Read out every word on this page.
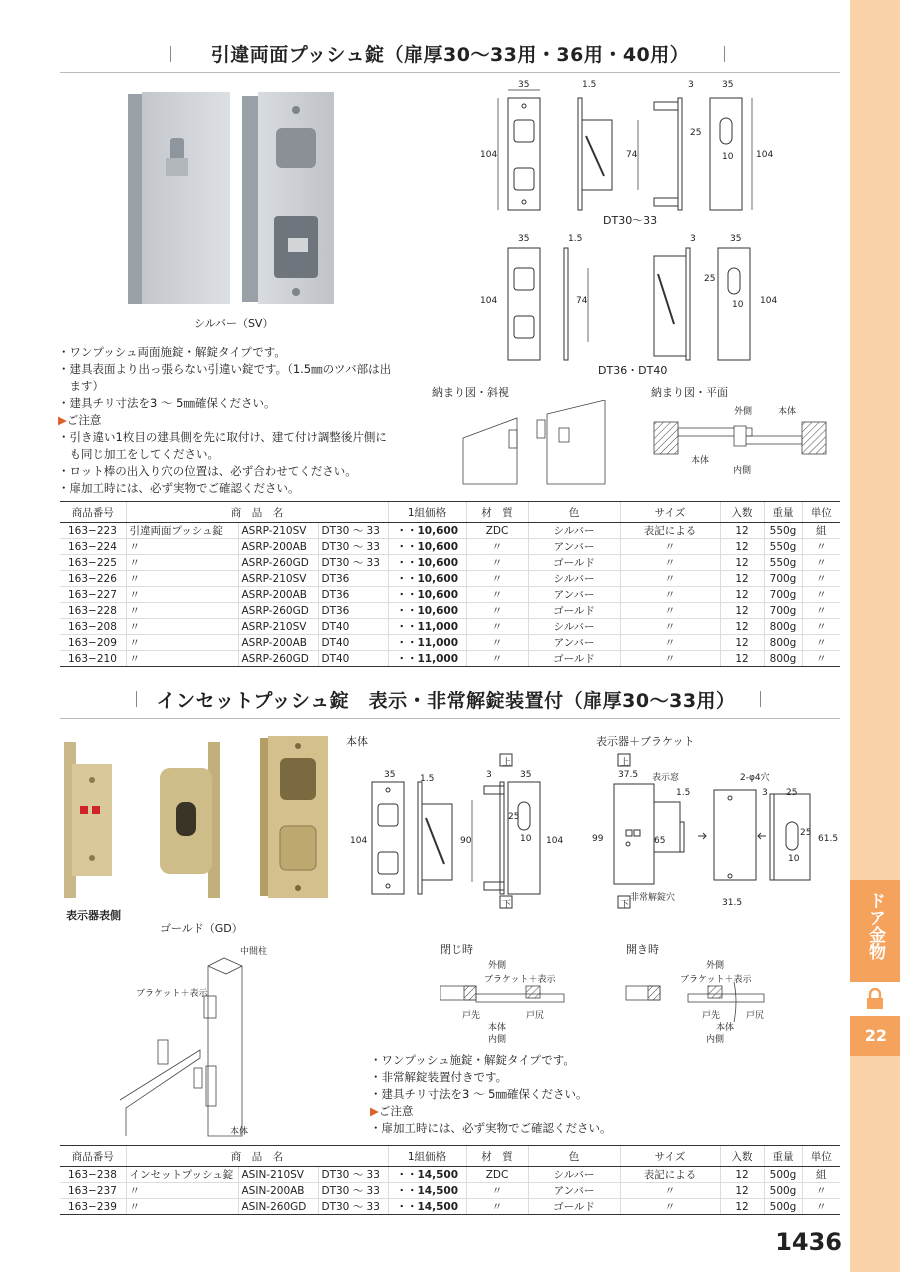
ドア金物
22
引違両面プッシュ錠（扉厚30〜33用・36用・40用）
シルバー（SV）
35	1.5
104	74
3	35
25
10	104
DT30〜33
35	1.5
104	74
3	35
25
10 104
DT36・DT40
・ワンプッシュ両面施錠・解錠タイプです。
・建具表面より出っ張らない引違い錠です。（1.5㎜のツバ部は出
　ます）
・建具チリ寸法を3 〜 5㎜確保ください。
▶ご注意
・引き違い1枚目の建具側を先に取付け、建て付け調整後片側に
　も同じ加工をしてください。
・ロット棒の出入り穴の位置は、必ず合わせてください。
・扉加工時には、必ず実物でご確認ください。
納まり図・斜視	納まり図・平面
外側	本体
本体
内側
商品番号	商　品　名			1組価格	材　質	色	サイズ	入数	重量	単位
163−223	引違両面プッシュ錠	ASRP-210SV	DT30 〜 33	・・10,600	ZDC	シルバー	表記による	12	550g	組
163−224	〃	ASRP-200AB	DT30 〜 33	・・10,600	〃	アンバー	〃	12	550g	〃
163−225	〃	ASRP-260GD	DT30 〜 33	・・10,600	〃	ゴールド	〃	12	550g	〃
163−226	〃	ASRP-210SV	DT36	・・10,600	〃	シルバー	〃	12	700g	〃
163−227	〃	ASRP-200AB	DT36	・・10,600	〃	アンバー	〃	12	700g	〃
163−228	〃	ASRP-260GD	DT36	・・10,600	〃	ゴールド	〃	12	700g	〃
163−208	〃	ASRP-210SV	DT40	・・11,000	〃	シルバー	〃	12	800g	〃
163−209	〃	ASRP-200AB	DT40	・・11,000	〃	アンバー	〃	12	800g	〃
163−210	〃	ASRP-260GD	DT40	・・11,000	〃	ゴールド	〃	12	800g	〃
インセットプッシュ錠　表示・非常解錠装置付（扉厚30〜33用）
表示器表側
ゴールド（GD）
本体	表示器＋ブラケット
35	1.5
104	90
3	35
25
10 104
上
下
37.5 表示窓
99	65
1.5
非常解錠穴	31.5
2-φ4穴
3 25
25
61.5
10
上
下
中間柱
ブラケット＋表示
本体
閉じ時
外側
ブラケット＋表示
戸先	戸尻
本体
内側
開き時
外側
ブラケット＋表示
戸先	戸尻
本体
内側
・ワンプッシュ施錠・解錠タイプです。
・非常解錠装置付きです。
・建具チリ寸法を3 〜 5㎜確保ください。
▶ご注意
・扉加工時には、必ず実物でご確認ください。
商品番号	商　品　名			1組価格	材　質	色	サイズ	入数	重量	単位
163−238	インセットプッシュ錠	ASIN-210SV	DT30 〜 33	・・14,500	ZDC	シルバー	表記による	12	500g	組
163−237	〃	ASIN-200AB	DT30 〜 33	・・14,500	〃	アンバー	〃	12	500g	〃
163−239	〃	ASIN-260GD	DT30 〜 33	・・14,500	〃	ゴールド	〃	12	500g	〃
1436
